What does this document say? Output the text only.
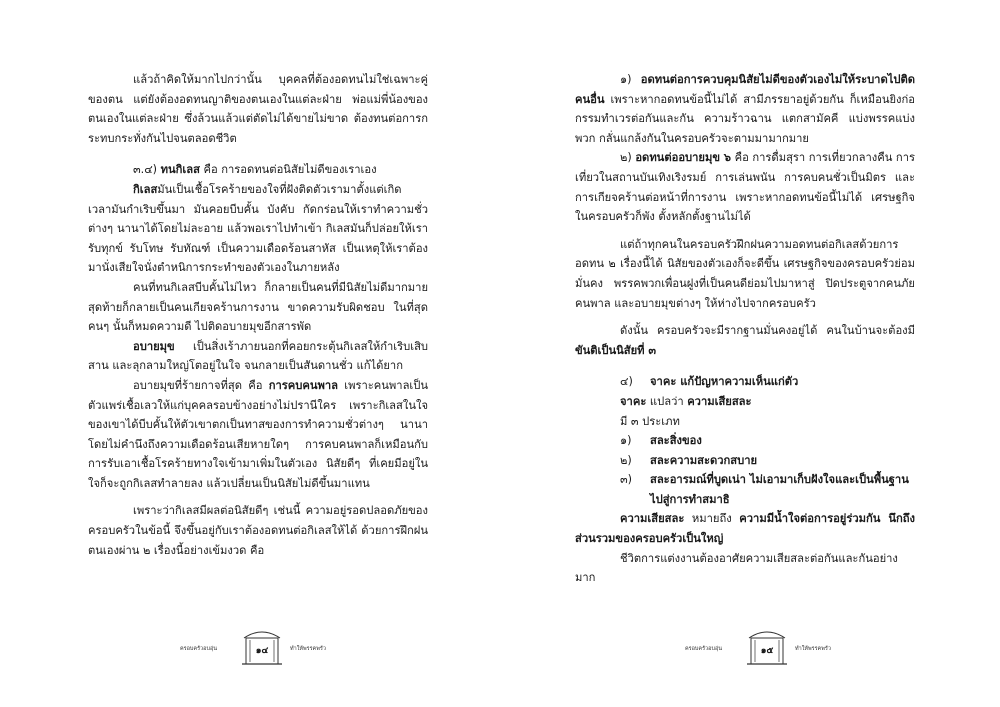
แล้วถ้าคิดให้มากไปกว่านั้น บุคคลที่ต้องอดทนไม่ใช่เฉพาะคู่ของตน แต่ยังต้องอดทนญาติของตนเองในแต่ละฝ่าย พ่อแม่พี่น้องของตนเองในแต่ละฝ่าย ซึ่งล้วนแล้วแต่ตัดไม่ได้ขายไม่ขาด ต้องทนต่อการกระทบกระทั่งกันไปจนตลอดชีวิต

๓.๔) ทนกิเลส คือ การอดทนต่อนิสัยไม่ดีของเราเอง

กิเลสมันเป็นเชื้อโรคร้ายของใจที่ฝังติดตัวเรามาตั้งแต่เกิด เวลามันกำเริบขึ้นมา มันคอยบีบคั้น บังคับ กัดกร่อนให้เราทำความชั่วต่างๆ นานาได้โดยไม่ละอาย แล้วพอเราไปทำเข้า กิเลสมันก็ปล่อยให้เรารับทุกข์ รับโทษ รับทัณฑ์ เป็นความเดือดร้อนสาหัส เป็นเหตุให้เราต้องมานั่งเสียใจนั่งตำหนิการกระทำของตัวเองในภายหลัง

คนที่ทนกิเลสบีบคั้นไม่ไหว ก็กลายเป็นคนที่มีนิสัยไม่ดีมากมาย สุดท้ายก็กลายเป็นคนเกียจคร้านการงาน ขาดความรับผิดชอบ ในที่สุดคนๆ นั้นก็หมดความดี ไปติดอบายมุขอีกสารพัด

อบายมุข เป็นสิ่งเร้าภายนอกที่คอยกระตุ้นกิเลสให้กำเริบเสิบสาน และลุกลามใหญ่โตอยู่ในใจ จนกลายเป็นสันดานชั่ว แก้ได้ยาก

อบายมุขที่ร้ายกาจที่สุด คือ การคบคนพาล เพราะคนพาลเป็นตัวแพร่เชื้อเลวให้แก่บุคคลรอบข้างอย่างไม่ปรานีใคร เพราะกิเลสในใจของเขาได้บีบคั้นให้ตัวเขาตกเป็นทาสของการทำความชั่วต่างๆ นานาโดยไม่คำนึงถึงความเดือดร้อนเสียหายใดๆ การคบคนพาลก็เหมือนกับการรับเอาเชื้อโรคร้ายทางใจเข้ามาเพิ่มในตัวเอง นิสัยดีๆ ที่เคยมีอยู่ในใจก็จะถูกกิเลสทำลายลง แล้วเปลี่ยนเป็นนิสัยไม่ดีขึ้นมาแทน

เพราะว่ากิเลสมีผลต่อนิสัยดีๆ เช่นนี้ ความอยู่รอดปลอดภัยของครอบครัวในข้อนี้ จึงขึ้นอยู่กับเราต้องอดทนต่อกิเลสให้ได้ ด้วยการฝึกฝนตนเองผ่าน ๒ เรื่องนี้อย่างเข้มงวด คือ

ครอบครัวอบอุ่น	๑๔	ทำให้พรรคพรัว

๑) อดทนต่อการควบคุมนิสัยไม่ดีของตัวเองไม่ให้ระบาดไปติดคนอื่น เพราะหากอดทนข้อนี้ไม่ได้ สามีภรรยาอยู่ด้วยกัน ก็เหมือนยิงก่อกรรมทำเวรต่อกันและกัน ความร้าวฉาน แตกสามัคคี แบ่งพรรคแบ่งพวก กลั่นแกล้งกันในครอบครัวจะตามมามากมาย

๒) อดทนต่ออบายมุข ๖ คือ การดื่มสุรา การเที่ยวกลางคืน การเที่ยวในสถานบันเทิงเริงรมย์ การเล่นพนัน การคบคนชั่วเป็นมิตร และการเกียจคร้านต่อหน้าที่การงาน เพราะหากอดทนข้อนี้ไม่ได้ เศรษฐกิจในครอบครัวก็พัง ตั้งหลักตั้งฐานไม่ได้

แต่ถ้าทุกคนในครอบครัวฝึกฝนความอดทนต่อกิเลสด้วยการอดทน ๒ เรื่องนี้ได้ นิสัยของตัวเองก็จะดีขึ้น เศรษฐกิจของครอบครัวย่อมมั่นคง พรรคพวกเพื่อนฝูงที่เป็นคนดีย่อมไปมาหาสู่ ปิดประตูจากคนภัย คนพาล และอบายมุขต่างๆ ให้ห่างไปจากครอบครัว

ดังนั้น ครอบครัวจะมีรากฐานมั่นคงอยู่ได้ คนในบ้านจะต้องมี ขันติเป็นนิสัยที่ ๓

๔)	จาคะ แก้ปัญหาความเห็นแก่ตัว

จาคะ แปลว่า ความเสียสละ

มี ๓ ประเภท

๑)	สละสิ่งของ
๒)	สละความสะดวกสบาย
๓)	สละอารมณ์ที่บูดเน่า ไม่เอามาเก็บฝังใจและเป็นพื้นฐานไปสู่การทำสมาธิ

ความเสียสละ หมายถึง ความมีน้ำใจต่อการอยู่ร่วมกัน นึกถึงส่วนรวมของครอบครัวเป็นใหญ่

ชีวิตการแต่งงานต้องอาศัยความเสียสละต่อกันและกันอย่างมาก

ครอบครัวอบอุ่น	๑๕	ทำให้พรรคพรัว
